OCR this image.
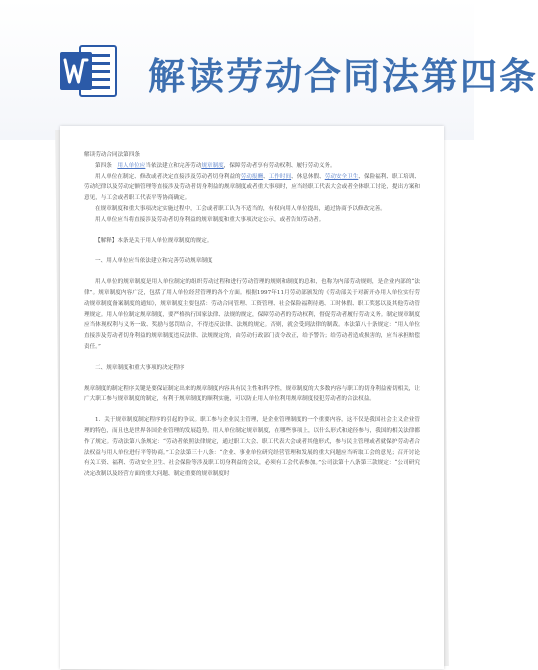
解读劳动合同法第四条

解读劳动合同法第四条

第四条　用人单位应当依法建立和完善劳动规章制度，保障劳动者享有劳动权利、履行劳动义务。

用人单位在制定、修改或者决定直接涉及劳动者切身利益的劳动报酬、工作时间、休息休假、劳动安全卫生、保险福利、职工培训、劳动纪律以及劳动定额管理等直接涉及劳动者切身利益的规章制度或者重大事项时，应当经职工代表大会或者全体职工讨论，提出方案和意见，与工会或者职工代表平等协商确定。

在规章制度和重大事项决定实施过程中，工会或者职工认为不适当的，有权向用人单位提出，通过协商予以修改完善。

用人单位应当将直接涉及劳动者切身利益的规章制度和重大事项决定公示，或者告知劳动者。

【解释】本条是关于用人单位规章制度的规定。

一、用人单位应当依法建立和完善劳动规章制度

用人单位的规章制度是用人单位制定的组织劳动过程和进行劳动管理的规则和制度的总和，也称为内部劳动规则，是企业内部的“法律”。规章制度内容广泛，包括了用人单位经营管理的各个方面。根据1997年11月劳动部颁发的《劳动部关于对新开办用人单位实行劳动规章制度备案制度的通知》，规章制度主要包括：劳动合同管理、工资管理、社会保险福利待遇、工时休假、职工奖惩以及其他劳动管理规定。用人单位制定规章制度，要严格执行国家法律、法规的规定，保障劳动者的劳动权利，督促劳动者履行劳动义务。制定规章制度应当体现权利与义务一致、奖励与惩罚结合，不得违反法律、法规的规定。否则，就会受到法律的制裁。本法第八十条规定：“用人单位直接涉及劳动者切身利益的规章制度违反法律、法规规定的，由劳动行政部门责令改正，给予警告；给劳动者造成损害的，应当承担赔偿责任。”

二、规章制度和重大事项的决定程序

规章制度的制定程序关键是要保证制定出来的规章制度内容具有民主性和科学性，规章制度的大多数内容与职工的切身利益密切相关，让广大职工参与规章制度的制定，有利于规章制度的顺利实施，可以防止用人单位利用规章制度侵犯劳动者的合法权益。

1．关于规章制度制定程序的引起的争议。职工参与企业民主管理，是企业管理制度的一个重要内容，这不仅是我国社会主义企业管理的特色，而且也是世界各国企业管理的发展趋势。用人单位制定规章制度，在哪些事项上，以什么形式和途径参与，我国的相关法律都作了规定。劳动法第八条规定：“劳动者依照法律规定，通过职工大会、职工代表大会或者其他形式，参与民主管理或者就保护劳动者合法权益与用人单位进行平等协商。”工会法第三十八条：“企业、事业单位研究经营管理和发展的重大问题应当听取工会的意见；召开讨论有关工资、福利、劳动安全卫生、社会保险等涉及职工切身利益的会议，必须有工会代表参加。”公司法第十八条第三款规定：“公司研究决定改制以及经营方面的重大问题、制定重要的规章制度时
